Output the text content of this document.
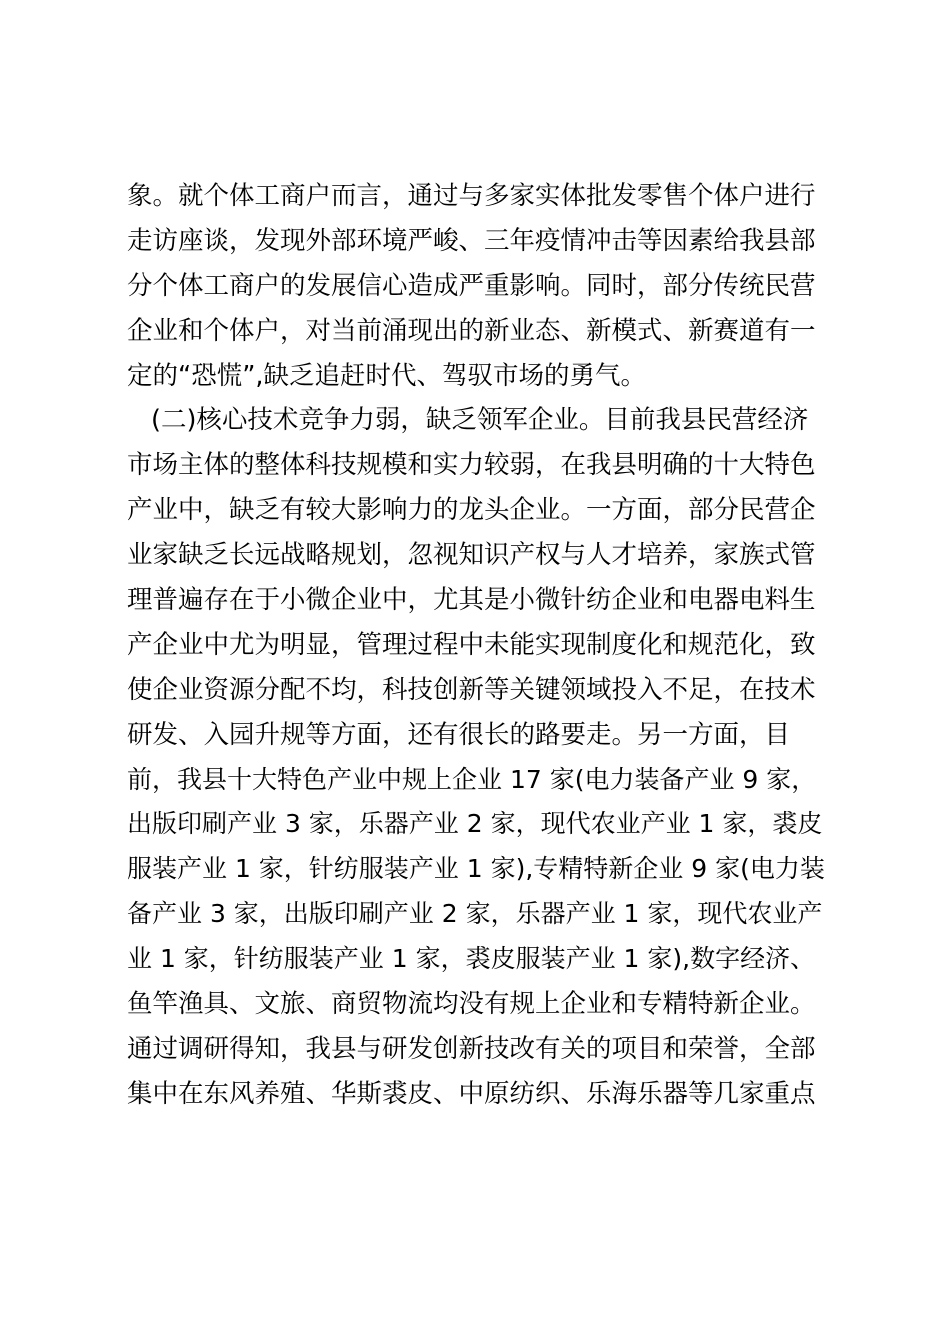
象。就个体工商户而言，通过与多家实体批发零售个体户进行
走访座谈，发现外部环境严峻、三年疫情冲击等因素给我县部
分个体工商户的发展信心造成严重影响。同时，部分传统民营
企业和个体户，对当前涌现出的新业态、新模式、新赛道有一
定的“恐慌”,缺乏追赶时代、驾驭市场的勇气。
(二)核心技术竞争力弱，缺乏领军企业。目前我县民营经济
市场主体的整体科技规模和实力较弱，在我县明确的十大特色
产业中，缺乏有较大影响力的龙头企业。一方面，部分民营企
业家缺乏长远战略规划，忽视知识产权与人才培养，家族式管
理普遍存在于小微企业中，尤其是小微针纺企业和电器电料生
产企业中尤为明显，管理过程中未能实现制度化和规范化，致
使企业资源分配不均，科技创新等关键领域投入不足，在技术
研发、入园升规等方面，还有很长的路要走。另一方面，目
前，我县十大特色产业中规上企业 17 家(电力装备产业 9 家，
出版印刷产业 3 家，乐器产业 2 家，现代农业产业 1 家，裘皮
服装产业 1 家，针纺服装产业 1 家),专精特新企业 9 家(电力装
备产业 3 家，出版印刷产业 2 家，乐器产业 1 家，现代农业产
业 1 家，针纺服装产业 1 家，裘皮服装产业 1 家),数字经济、
鱼竿渔具、文旅、商贸物流均没有规上企业和专精特新企业。
通过调研得知，我县与研发创新技改有关的项目和荣誉，全部
集中在东风养殖、华斯裘皮、中原纺织、乐海乐器等几家重点
